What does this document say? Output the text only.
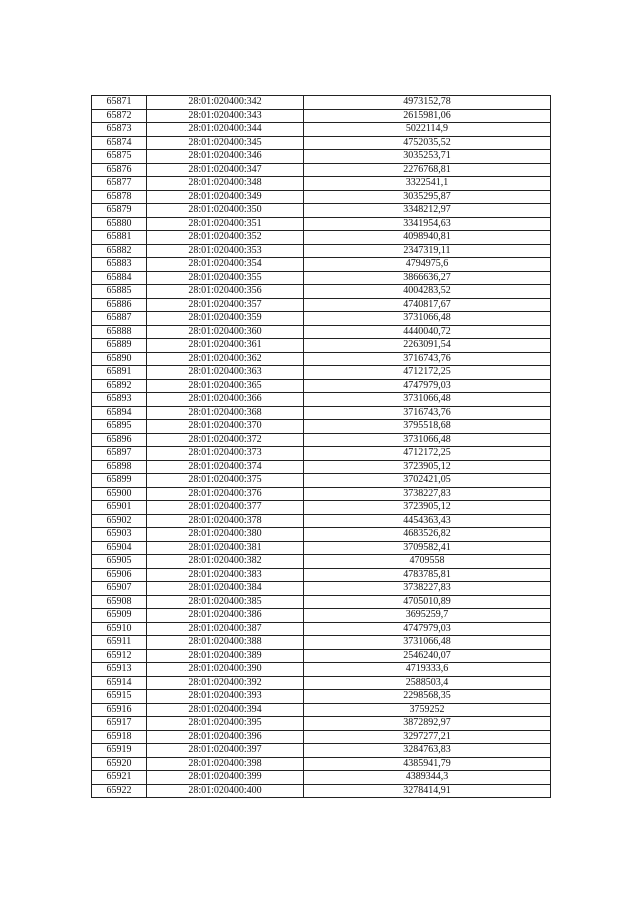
65871	28:01:020400:342	4973152,78
65872	28:01:020400:343	2615981,06
65873	28:01:020400:344	5022114,9
65874	28:01:020400:345	4752035,52
65875	28:01:020400:346	3035253,71
65876	28:01:020400:347	2276768,81
65877	28:01:020400:348	3322541,1
65878	28:01:020400:349	3035295,87
65879	28:01:020400:350	3348212,97
65880	28:01:020400:351	3341954,63
65881	28:01:020400:352	4098940,81
65882	28:01:020400:353	2347319,11
65883	28:01:020400:354	4794975,6
65884	28:01:020400:355	3866636,27
65885	28:01:020400:356	4004283,52
65886	28:01:020400:357	4740817,67
65887	28:01:020400:359	3731066,48
65888	28:01:020400:360	4440040,72
65889	28:01:020400:361	2263091,54
65890	28:01:020400:362	3716743,76
65891	28:01:020400:363	4712172,25
65892	28:01:020400:365	4747979,03
65893	28:01:020400:366	3731066,48
65894	28:01:020400:368	3716743,76
65895	28:01:020400:370	3795518,68
65896	28:01:020400:372	3731066,48
65897	28:01:020400:373	4712172,25
65898	28:01:020400:374	3723905,12
65899	28:01:020400:375	3702421,05
65900	28:01:020400:376	3738227,83
65901	28:01:020400:377	3723905,12
65902	28:01:020400:378	4454363,43
65903	28:01:020400:380	4683526,82
65904	28:01:020400:381	3709582,41
65905	28:01:020400:382	4709558
65906	28:01:020400:383	4783785,81
65907	28:01:020400:384	3738227,83
65908	28:01:020400:385	4705010,89
65909	28:01:020400:386	3695259,7
65910	28:01:020400:387	4747979,03
65911	28:01:020400:388	3731066,48
65912	28:01:020400:389	2546240,07
65913	28:01:020400:390	4719333,6
65914	28:01:020400:392	2588503,4
65915	28:01:020400:393	2298568,35
65916	28:01:020400:394	3759252
65917	28:01:020400:395	3872892,97
65918	28:01:020400:396	3297277,21
65919	28:01:020400:397	3284763,83
65920	28:01:020400:398	4385941,79
65921	28:01:020400:399	4389344,3
65922	28:01:020400:400	3278414,91
